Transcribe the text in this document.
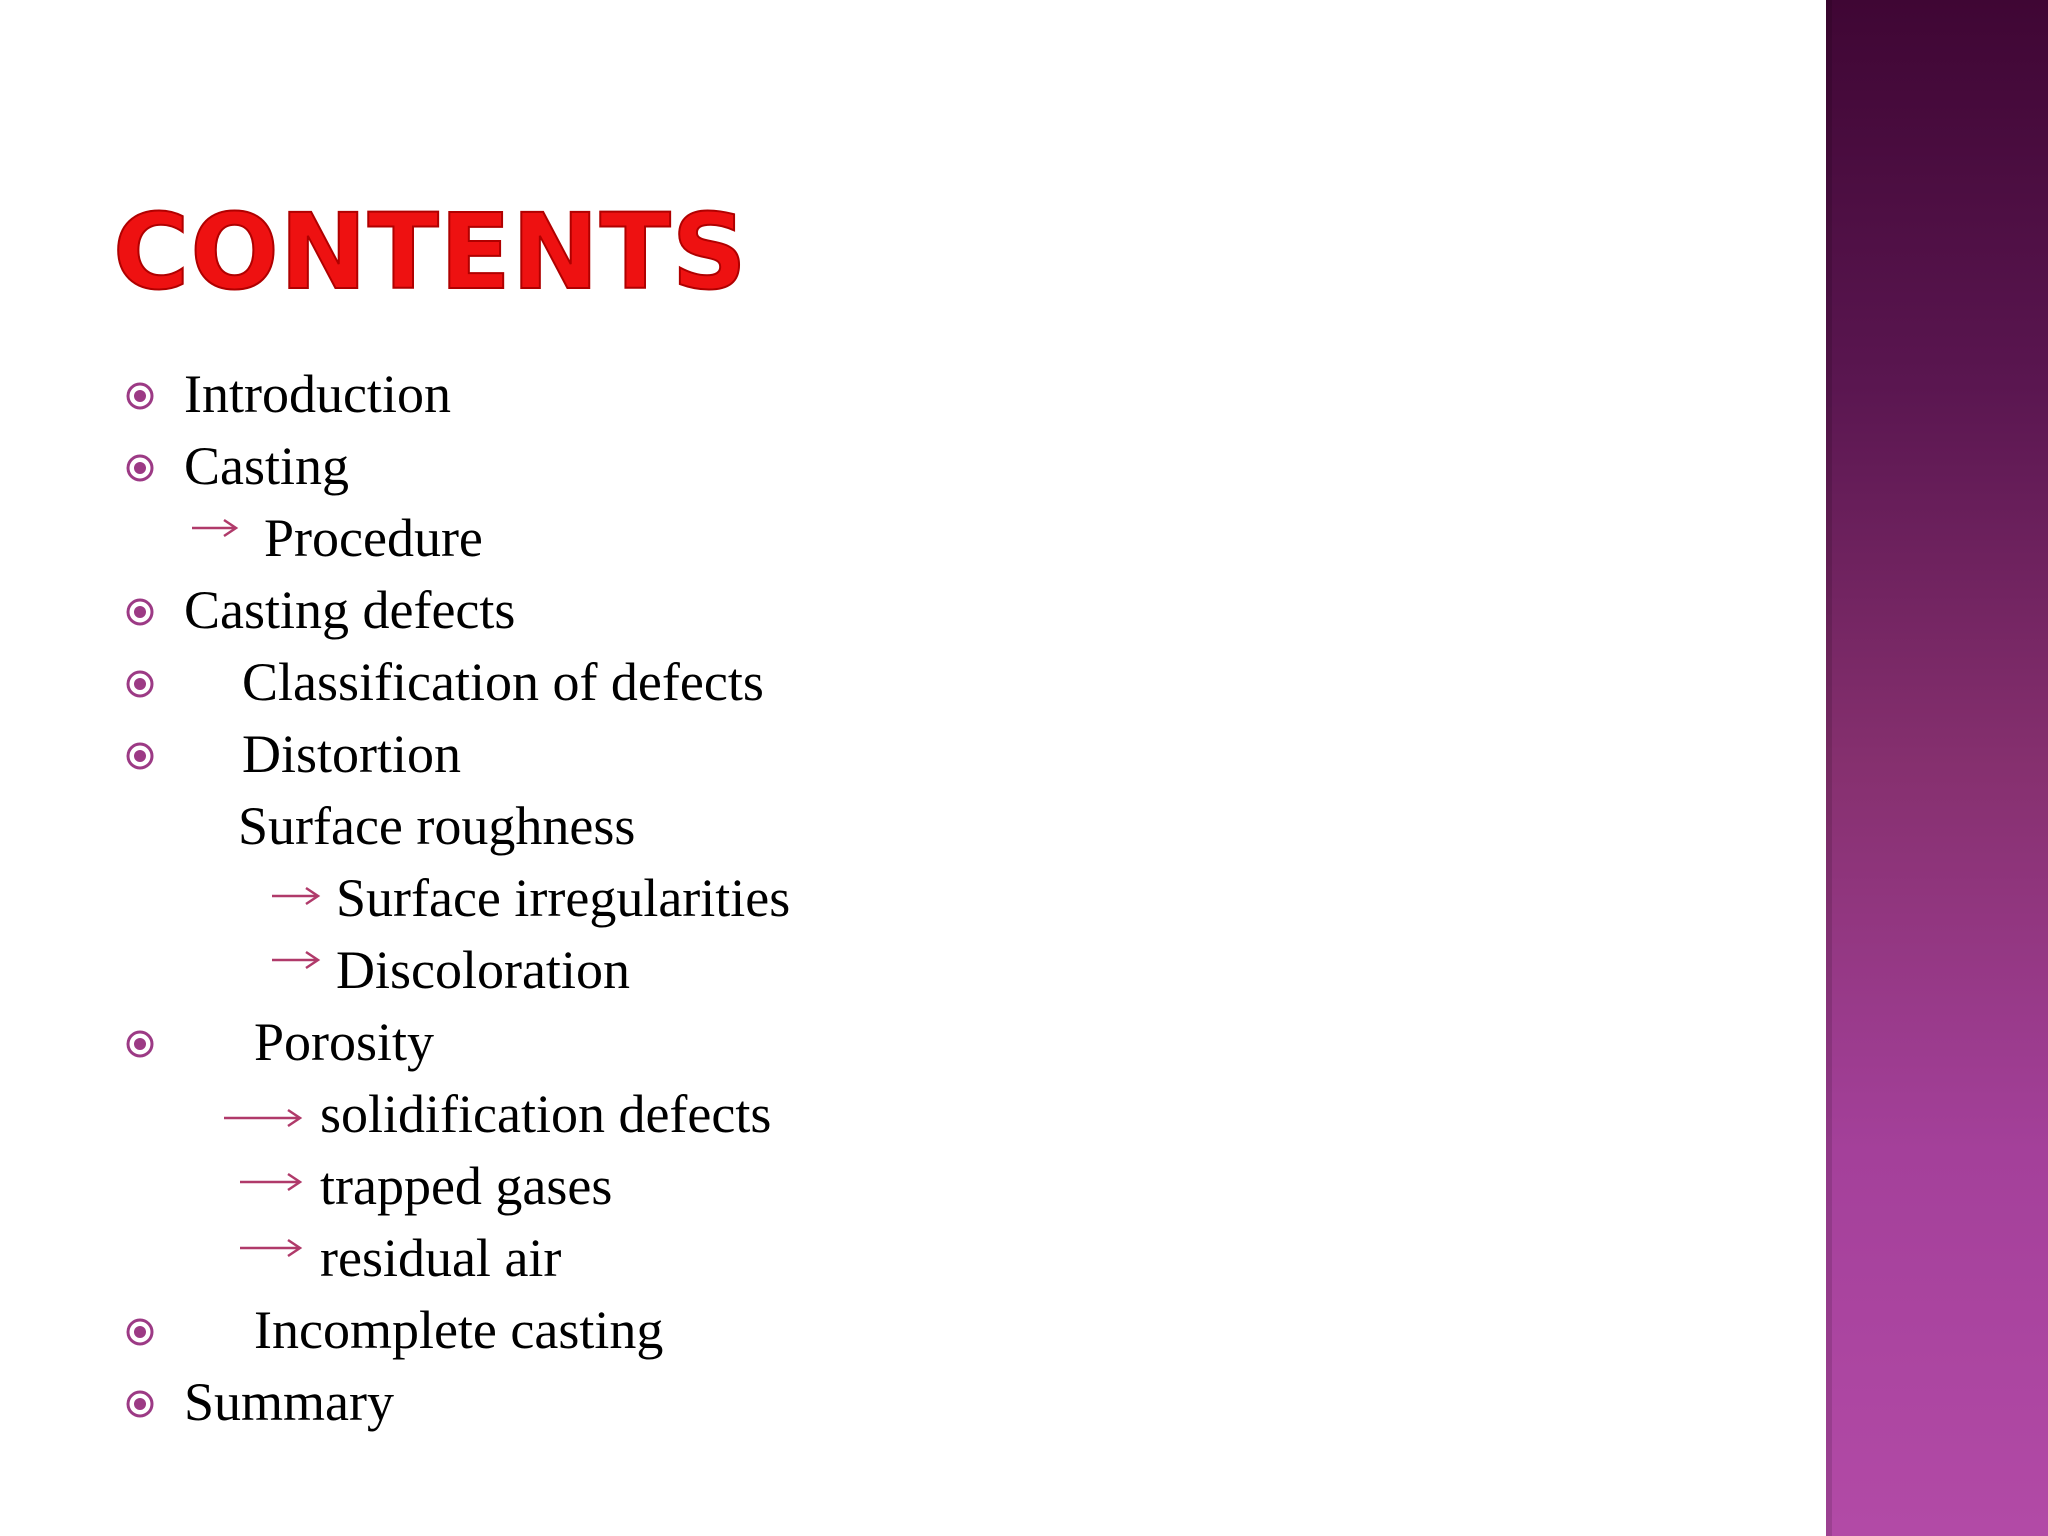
CONTENTS
Introduction
Casting
Procedure
Casting defects
Classification of defects
Distortion
Surface roughness
Surface irregularities
Discoloration
Porosity
solidification defects
trapped gases
residual air
Incomplete casting
Summary
